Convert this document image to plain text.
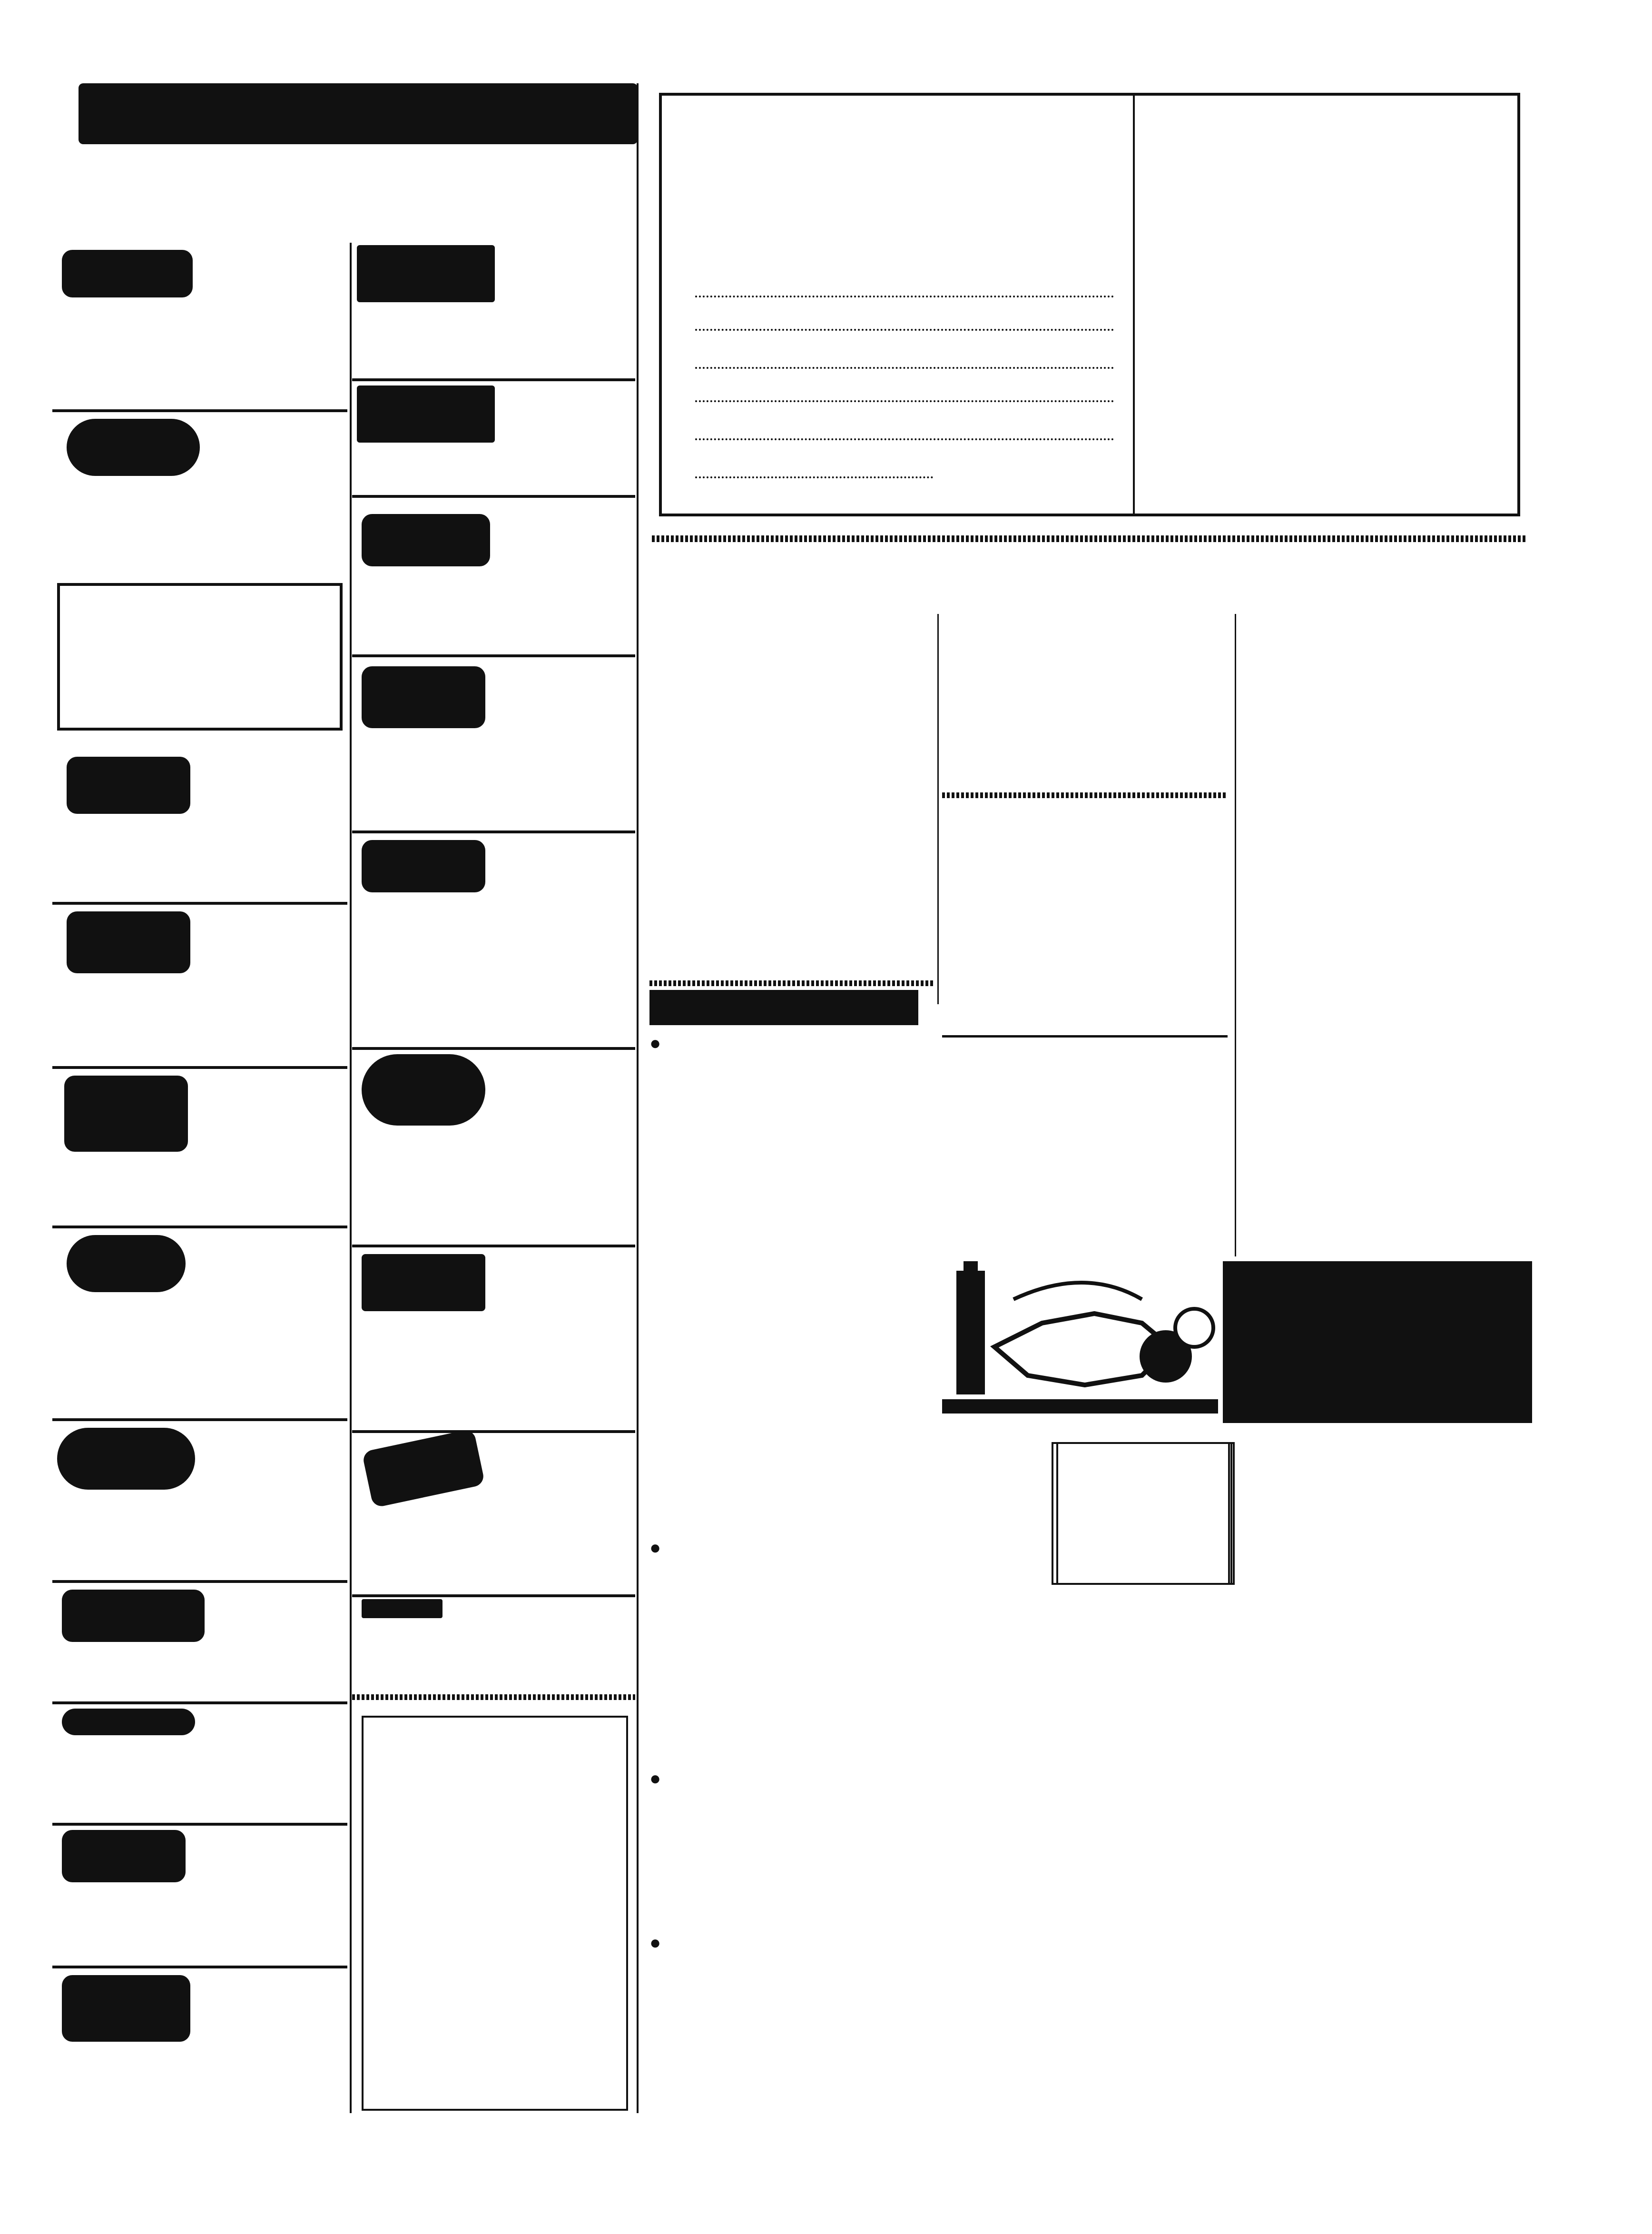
●
●
●
●
